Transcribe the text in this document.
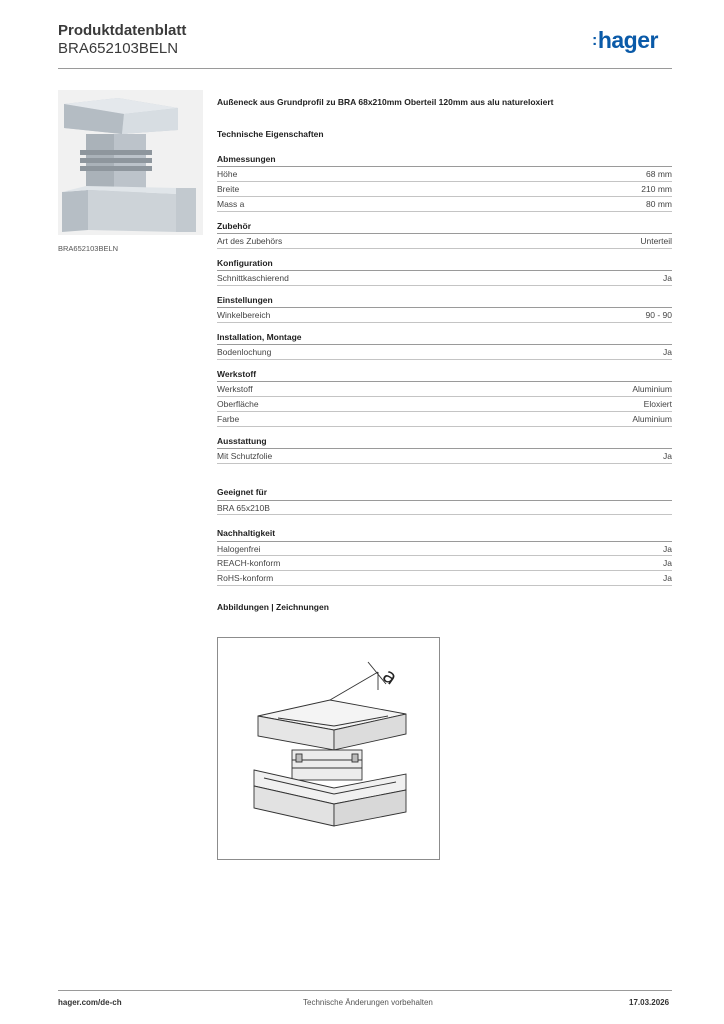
Produktdatenblatt
BRA652103BELN	:hager
BRA652103BELN
Außeneck aus Grundprofil zu BRA 68x210mm Oberteil 120mm aus alu natureloxiert
Technische Eigenschaften
Abmessungen
Höhe	68 mm
Breite	210 mm
Mass a	80 mm
Zubehör
Art des Zubehörs	Unterteil
Konfiguration
Schnittkaschierend	Ja
Einstellungen
Winkelbereich	90 - 90
Installation, Montage
Bodenlochung	Ja
Werkstoff
Werkstoff	Aluminium
Oberfläche	Eloxiert
Farbe	Aluminium
Ausstattung
Mit Schutzfolie	Ja
Geeignet für
BRA 65x210B
Nachhaltigkeit
Halogenfrei	Ja
REACH-konform	Ja
RoHS-konform	Ja
Abbildungen | Zeichnungen
a
hager.com/de-ch	Technische Änderungen vorbehalten	17.03.2026
